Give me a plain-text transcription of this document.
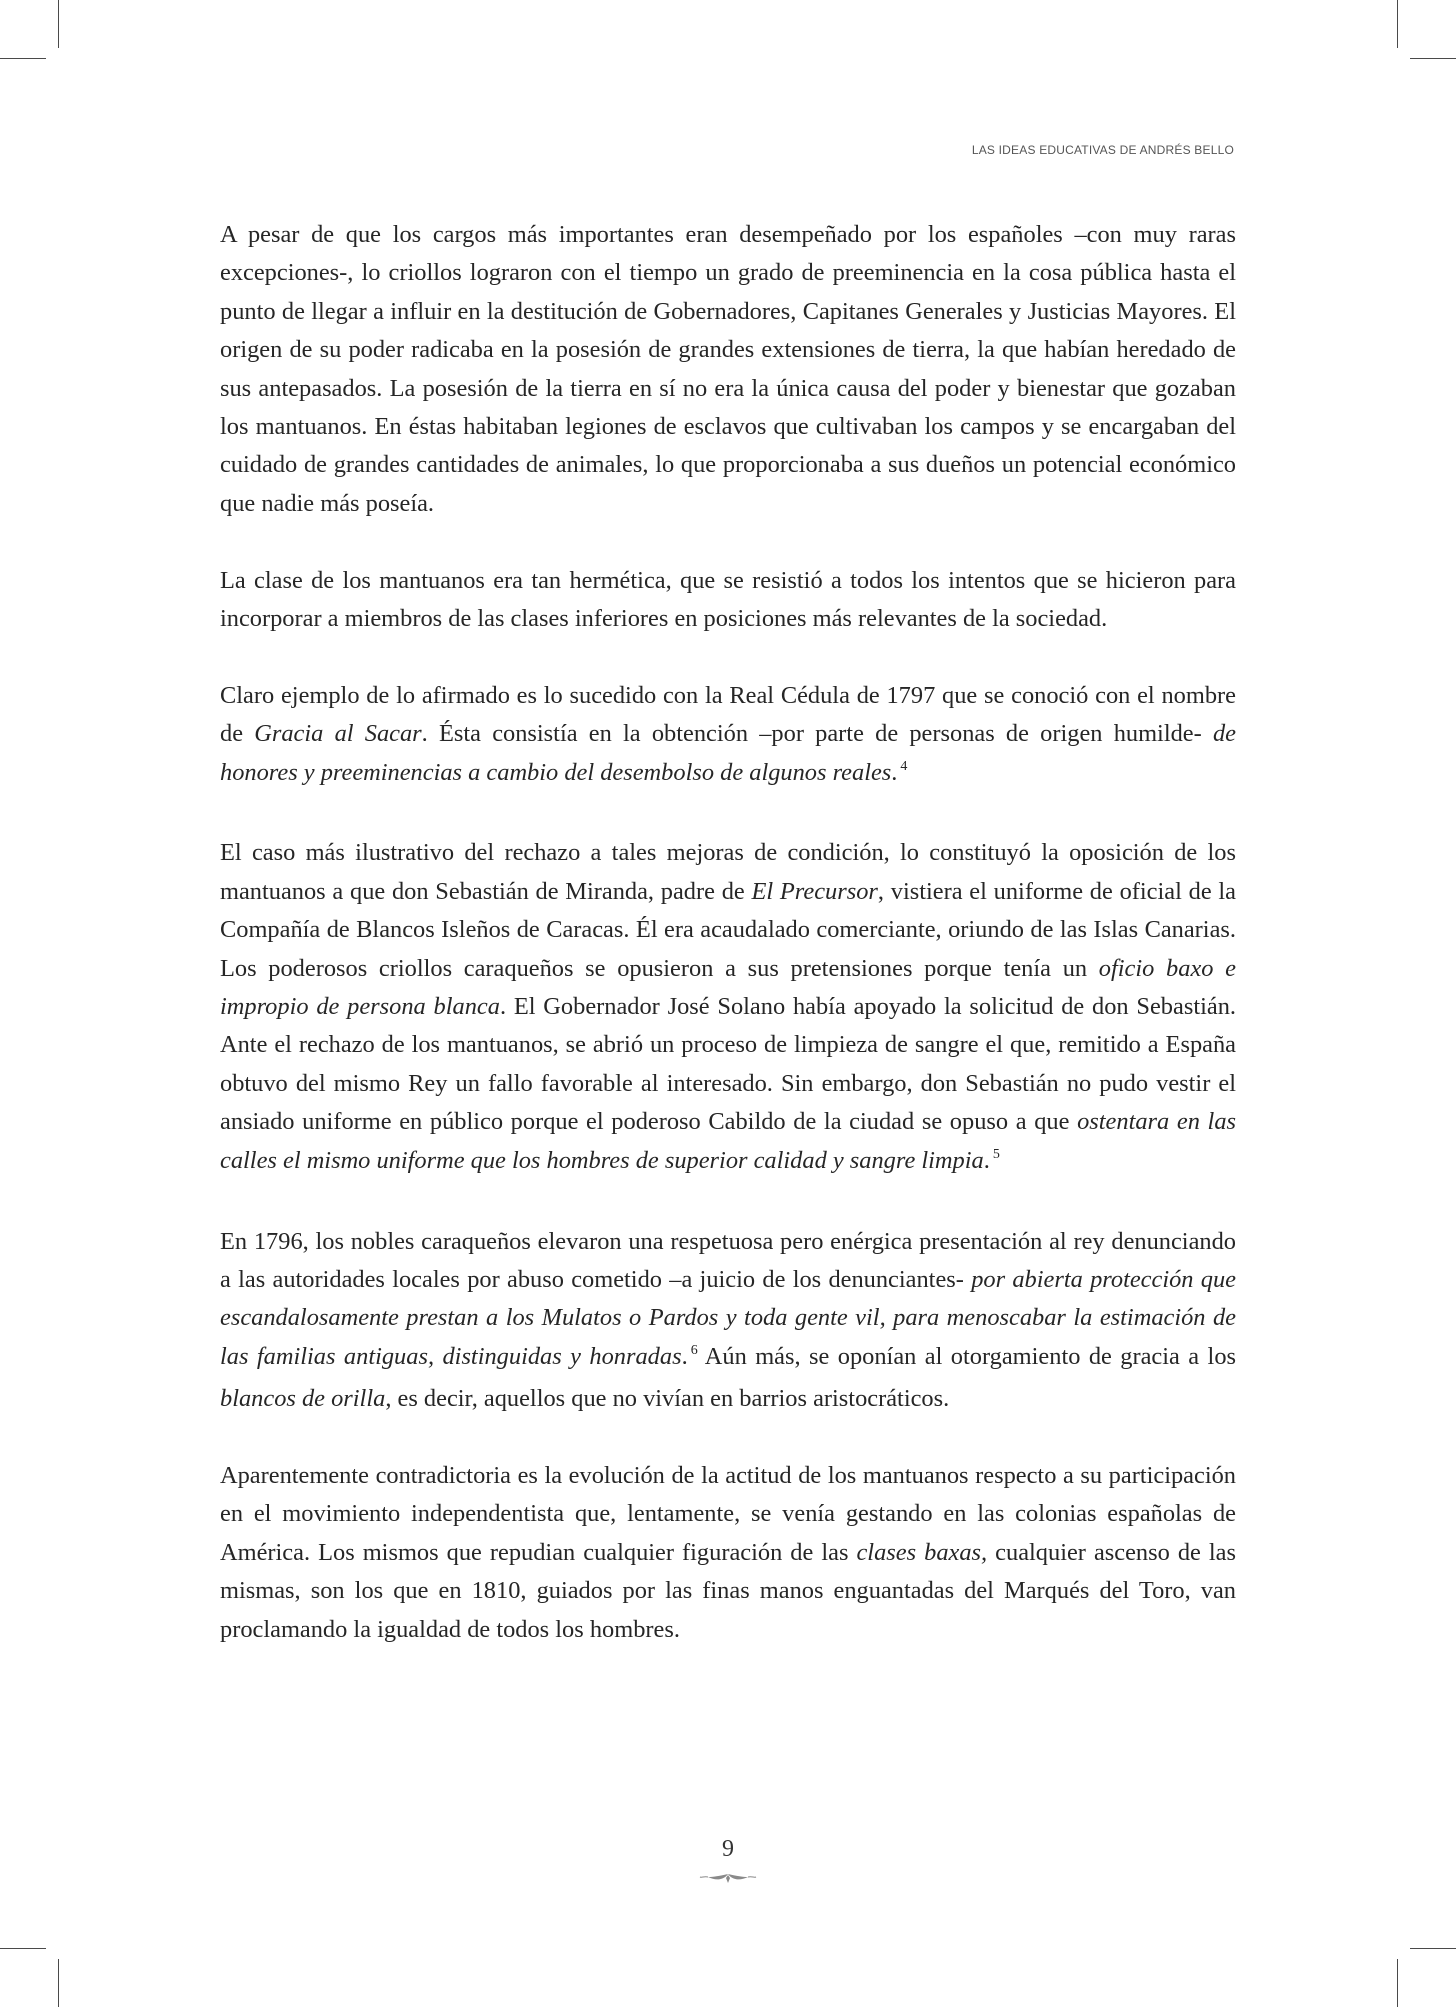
LAS IDEAS EDUCATIVAS DE ANDRÉS BELLO

A pesar de que los cargos más importantes eran desempeñado por los españoles –con muy raras excepciones-, lo criollos lograron con el tiempo un grado de preeminencia en la cosa pública hasta el punto de llegar a influir en la destitución de Gobernadores, Capitanes Generales y Justicias Mayores. El origen de su poder radicaba en la posesión de grandes extensiones de tierra, la que habían heredado de sus antepasados. La posesión de la tierra en sí no era la única causa del poder y bienestar que gozaban los mantuanos. En éstas habitaban legiones de esclavos que cultivaban los campos y se encargaban del cuidado de grandes cantidades de animales, lo que proporcionaba a sus dueños un potencial económico que nadie más poseía.

La clase de los mantuanos era tan hermética, que se resistió a todos los intentos que se hicieron para incorporar a miembros de las clases inferiores en posiciones más relevantes de la sociedad.

Claro ejemplo de lo afirmado es lo sucedido con la Real Cédula de 1797 que se conoció con el nombre de Gracia al Sacar. Ésta consistía en la obtención –por parte de personas de origen humilde- de honores y preeminencias a cambio del desembolso de algunos reales. $^4$

El caso más ilustrativo del rechazo a tales mejoras de condición, lo constituyó la oposición de los mantuanos a que don Sebastián de Miranda, padre de El Precursor, vistiera el uniforme de oficial de la Compañía de Blancos Isleños de Caracas. Él era acaudalado comerciante, oriundo de las Islas Canarias. Los poderosos criollos caraqueños se opusieron a sus pretensiones porque tenía un oficio baxo e impropio de persona blanca. El Gobernador José Solano había apoyado la solicitud de don Sebastián. Ante el rechazo de los mantuanos, se abrió un proceso de limpieza de sangre el que, remitido a España obtuvo del mismo Rey un fallo favorable al interesado. Sin embargo, don Sebastián no pudo vestir el ansiado uniforme en público porque el poderoso Cabildo de la ciudad se opuso a que ostentara en las calles el mismo uniforme que los hombres de superior calidad y sangre limpia. $^5$

En 1796, los nobles caraqueños elevaron una respetuosa pero enérgica presentación al rey denunciando a las autoridades locales por abuso cometido –a juicio de los denunciantes- por abierta protección que escandalosamente prestan a los Mulatos o Pardos y toda gente vil, para menoscabar la estimación de las familias antiguas, distinguidas y honradas. $^6$ Aún más, se oponían al otorgamiento de gracia a los blancos de orilla, es decir, aquellos que no vivían en barrios aristocráticos.

Aparentemente contradictoria es la evolución de la actitud de los mantuanos respecto a su participación en el movimiento independentista que, lentamente, se venía gestando en las colonias españolas de América. Los mismos que repudian cualquier figuración de las clases baxas, cualquier ascenso de las mismas, son los que en 1810, guiados por las finas manos enguantadas del Marqués del Toro, van proclamando la igualdad de todos los hombres.

9
